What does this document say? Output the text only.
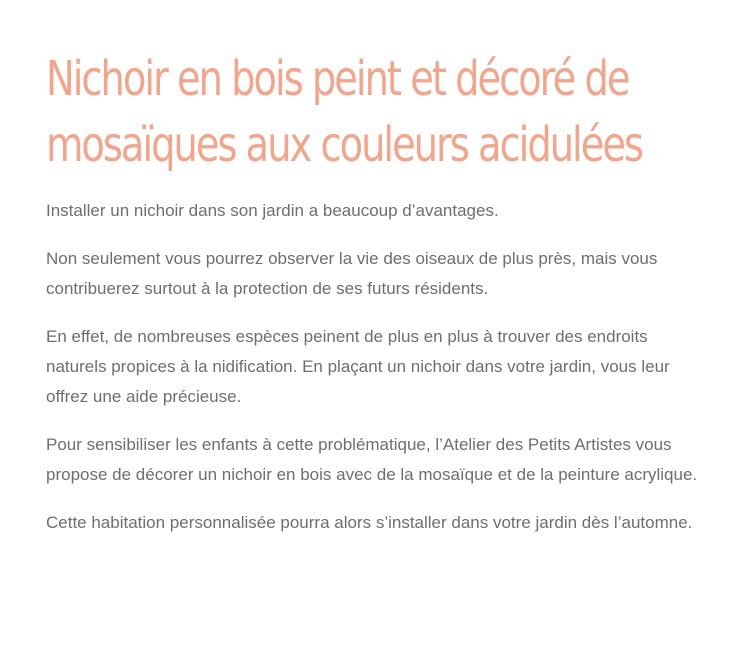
Nichoir en bois peint et décoré de
mosaïques aux couleurs acidulées

Installer un nichoir dans son jardin a beaucoup d’avantages.

Non seulement vous pourrez observer la vie des oiseaux de plus près, mais vous contribuerez surtout à la protection de ses futurs résidents.

En effet, de nombreuses espèces peinent de plus en plus à trouver des endroits naturels propices à la nidification. En plaçant un nichoir dans votre jardin, vous leur offrez une aide précieuse.

Pour sensibiliser les enfants à cette problématique, l’Atelier des Petits Artistes vous propose de décorer un nichoir en bois avec de la mosaïque et de la peinture acrylique.

Cette habitation personnalisée pourra alors s’installer dans votre jardin dès l’automne.
